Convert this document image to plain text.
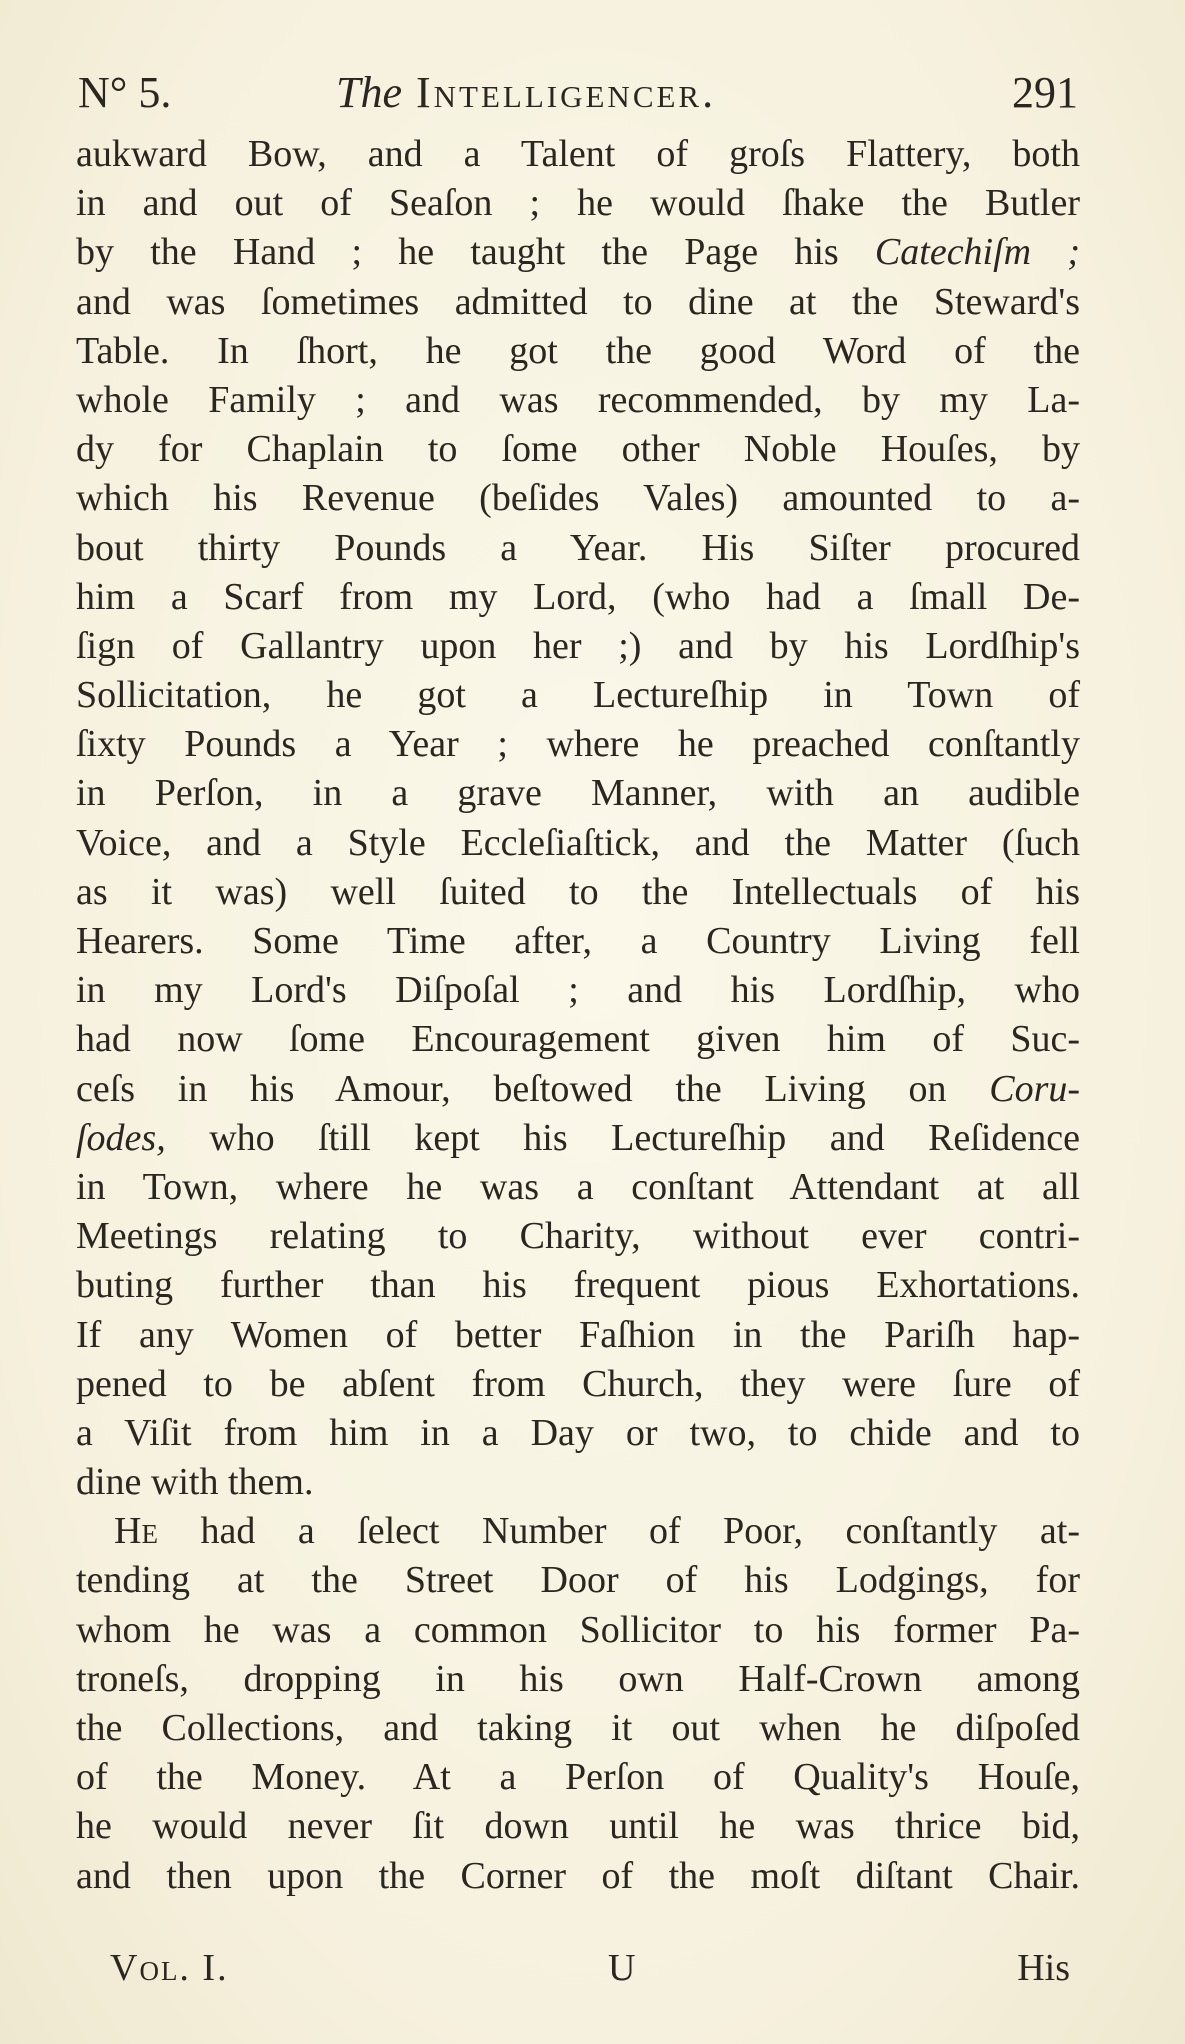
N° 5.	The Intelligencer.	291
aukward Bow, and a Talent of groſs Flattery, both
in and out of Seaſon ; he would ſhake the Butler
by the Hand ; he taught the Page his Catechiſm ;
and was ſometimes admitted to dine at the Steward's
Table. In ſhort, he got the good Word of the
whole Family ; and was recommended, by my La-
dy for Chaplain to ſome other Noble Houſes, by
which his Revenue (beſides Vales) amounted to a-
bout thirty Pounds a Year. His Siſter procured
him a Scarf from my Lord, (who had a ſmall De-
ſign of Gallantry upon her ;) and by his Lordſhip's
Sollicitation, he got a Lectureſhip in Town of
ſixty Pounds a Year ; where he preached conſtantly
in Perſon, in a grave Manner, with an audible
Voice, and a Style Eccleſiaſtick, and the Matter (ſuch
as it was) well ſuited to the Intellectuals of his
Hearers. Some Time after, a Country Living fell
in my Lord's Diſpoſal ; and his Lordſhip, who
had now ſome Encouragement given him of Suc-
ceſs in his Amour, beſtowed the Living on Coru-
ſodes, who ſtill kept his Lectureſhip and Reſidence
in Town, where he was a conſtant Attendant at all
Meetings relating to Charity, without ever contri-
buting further than his frequent pious Exhortations.
If any Women of better Faſhion in the Pariſh hap-
pened to be abſent from Church, they were ſure of
a Viſit from him in a Day or two, to chide and to
dine with them.
He had a ſelect Number of Poor, conſtantly at-
tending at the Street Door of his Lodgings, for
whom he was a common Sollicitor to his former Pa-
troneſs, dropping in his own Half-Crown among
the Collections, and taking it out when he diſpoſed
of the Money. At a Perſon of Quality's Houſe,
he would never ſit down until he was thrice bid,
and then upon the Corner of the moſt diſtant Chair.
Vol. I.	U	His
